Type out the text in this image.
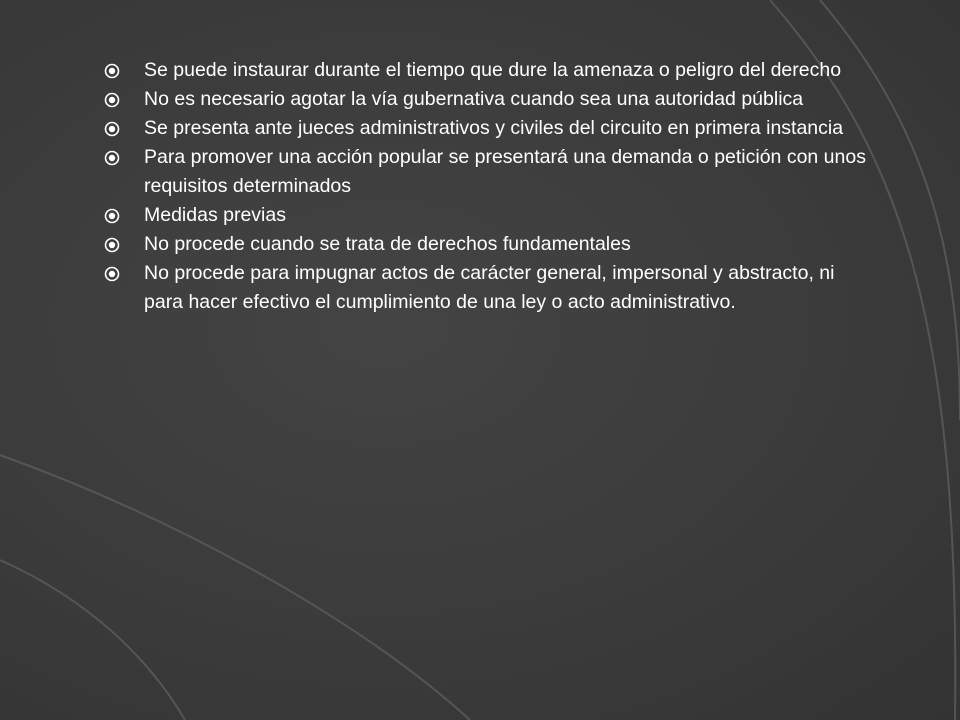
Se puede instaurar durante el tiempo que dure la amenaza o peligro del derecho
No es necesario agotar la vía gubernativa cuando sea una autoridad pública
Se presenta ante jueces administrativos y civiles del circuito en primera instancia
Para promover una acción popular se presentará una demanda o petición con unos requisitos determinados
Medidas previas
No procede cuando se trata de derechos fundamentales
No procede para impugnar actos de carácter general, impersonal y abstracto, ni para hacer efectivo el cumplimiento de una ley o acto administrativo.
